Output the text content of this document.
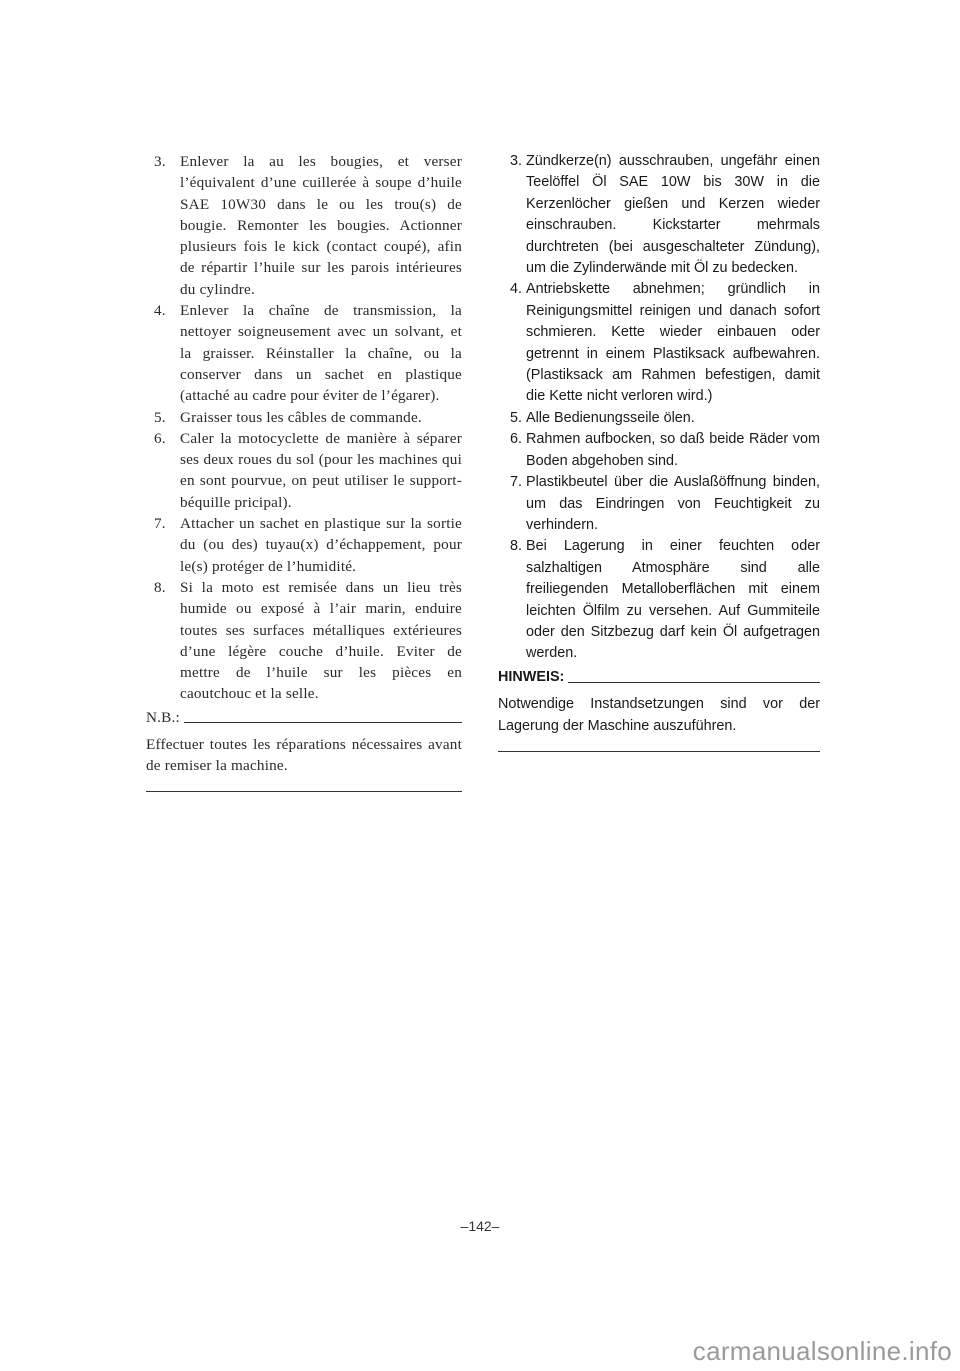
3. Enlever la au les bougies, et verser l’équivalent d’une cuillerée à soupe d’huile SAE 10W30 dans le ou les trou(s) de bougie. Remonter les bougies. Actionner plusieurs fois le kick (contact coupé), afin de répartir l’huile sur les parois intérieures du cylindre.
4. Enlever la chaîne de transmission, la nettoyer soigneusement avec un solvant, et la graisser. Réinstaller la chaîne, ou la conserver dans un sachet en plastique (attaché au cadre pour éviter de l’égarer).
5. Graisser tous les câbles de commande.
6. Caler la motocyclette de manière à séparer ses deux roues du sol (pour les machines qui en sont pourvue, on peut utiliser le support-béquille pricipal).
7. Attacher un sachet en plastique sur la sortie du (ou des) tuyau(x) d’échappement, pour le(s) protéger de l’humidité.
8. Si la moto est remisée dans un lieu très humide ou exposé à l’air marin, enduire toutes ses surfaces métalliques extérieures d’une légère couche d’huile. Eviter de mettre de l’huile sur les pièces en caoutchouc et la selle.
N.B.:
Effectuer toutes les réparations nécessaires avant de remiser la machine.
3. Zündkerze(n) ausschrauben, ungefähr einen Teelöffel Öl SAE 10W bis 30W in die Kerzenlöcher gießen und Kerzen wieder einschrauben. Kickstarter mehrmals durchtreten (bei ausgeschalteter Zündung), um die Zylinderwände mit Öl zu bedecken.
4. Antriebskette abnehmen; gründlich in Reinigungsmittel reinigen und danach sofort schmieren. Kette wieder einbauen oder getrennt in einem Plastiksack aufbewahren. (Plastiksack am Rahmen befestigen, damit die Kette nicht verloren wird.)
5. Alle Bedienungsseile ölen.
6. Rahmen aufbocken, so daß beide Räder vom Boden abgehoben sind.
7. Plastikbeutel über die Auslaßöffnung binden, um das Eindringen von Feuchtigkeit zu verhindern.
8. Bei Lagerung in einer feuchten oder salzhaltigen Atmosphäre sind alle freiliegenden Metalloberflächen mit einem leichten Ölfilm zu versehen. Auf Gummiteile oder den Sitzbezug darf kein Öl aufgetragen werden.
HINWEIS:
Notwendige Instandsetzungen sind vor der Lagerung der Maschine auszuführen.
–142–
carmanualsonline.info
